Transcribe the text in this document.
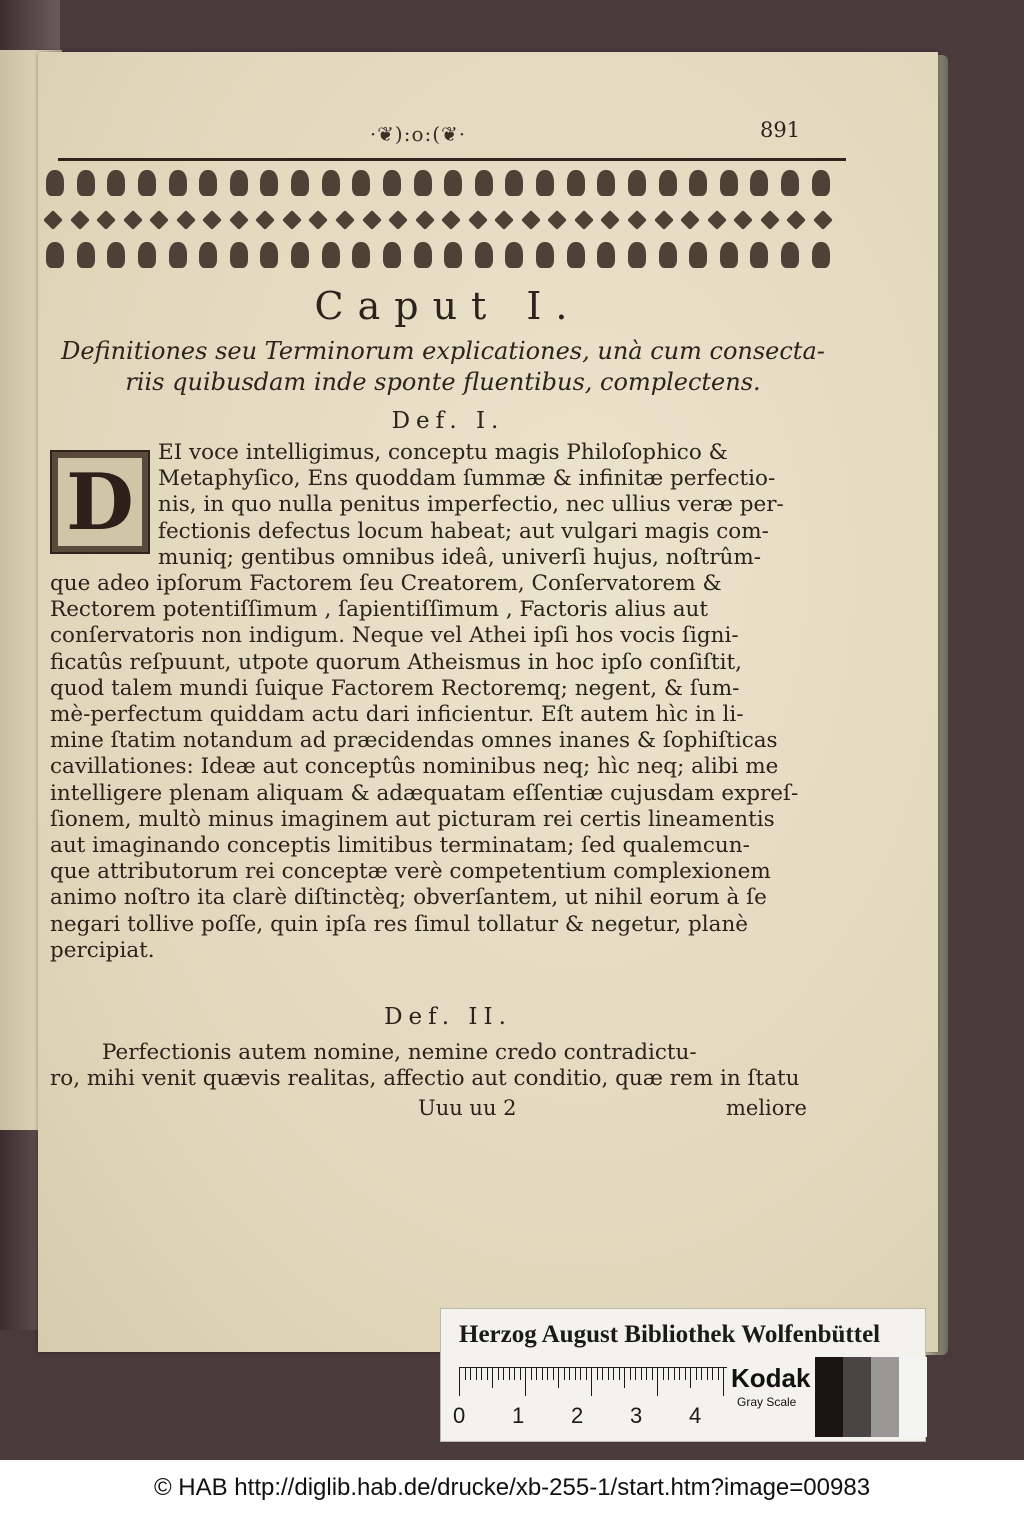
·❦):o:(❦·	891
Caput I.
Definitiones seu Terminorum explicationes, unà cum consecta-
riis quibusdam inde sponte fluentibus, complectens.
Def. I.
D
EI voce intelligimus, conceptu magis Philoſophico &
Metaphyſico, Ens quoddam ſummæ & infinitæ perfectio-
nis, in quo nulla penitus imperfectio, nec ullius veræ per-
fectionis defectus locum habeat; aut vulgari magis com-
muniq; gentibus omnibus ideâ, univerſi hujus, noſtrûm-
que adeo ipſorum Factorem ſeu Creatorem, Conſervatorem &
Rectorem potentiſſimum , ſapientiſſimum , Factoris alius aut
conſervatoris non indigum. Neque vel Athei ipſi hos vocis ſigni-
ficatûs reſpuunt, utpote quorum Atheismus in hoc ipſo conſiſtit,
quod talem mundi ſuique Factorem Rectoremq; negent, & ſum-
mè-perfectum quiddam actu dari inficientur. Eſt autem hìc in li-
mine ſtatim notandum ad præcidendas omnes inanes & ſophiſticas
cavillationes: Ideæ aut conceptûs nominibus neq; hìc neq; alibi me
intelligere plenam aliquam & adæquatam eſſentiæ cujusdam expreſ-
ſionem, multò minus imaginem aut picturam rei certis lineamentis
aut imaginando conceptis limitibus terminatam; ſed qualemcun-
que attributorum rei conceptæ verè competentium complexionem
animo noſtro ita clarè diſtinctèq; obverſantem, ut nihil eorum à ſe
negari tollive poſſe, quin ipſa res ſimul tollatur & negetur, planè
percipiat.
Def. II.
Perfectionis autem nomine, nemine credo contradictu-
ro, mihi venit quævis realitas, affectio aut conditio, quæ rem in ſtatu
Uuu uu 2	meliore
Herzog August Bibliothek Wolfenbüttel
0 1 2 3 4
Kodak
Gray Scale
© HAB http://diglib.hab.de/drucke/xb-255-1/start.htm?image=00983
